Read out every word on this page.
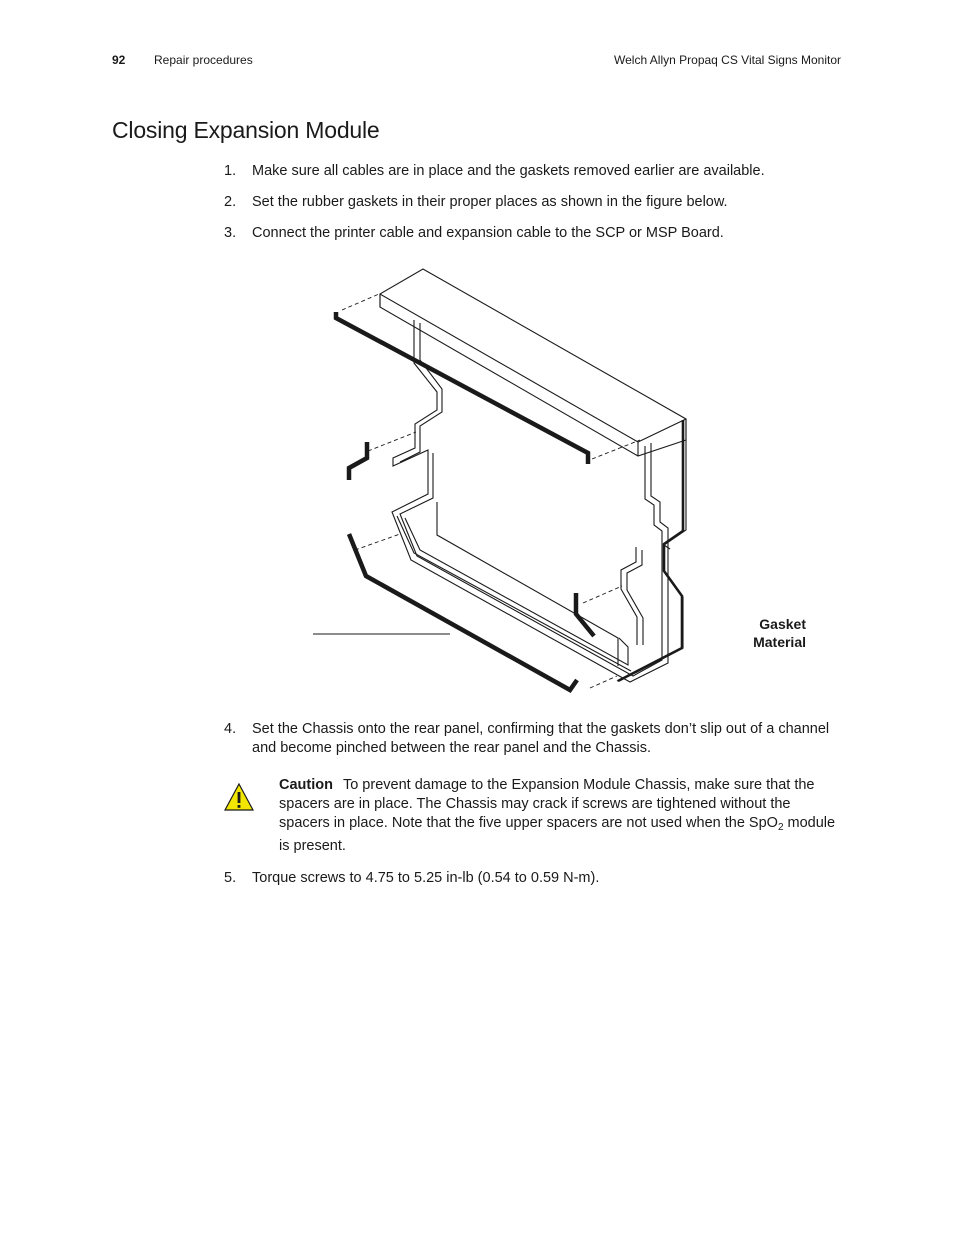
92 Repair procedures	Welch Allyn Propaq CS Vital Signs Monitor
Closing Expansion Module
1. Make sure all cables are in place and the gaskets removed earlier are available.
2. Set the rubber gaskets in their proper places as shown in the figure below.
3. Connect the printer cable and expansion cable to the SCP or MSP Board.
Gasket
Material
4. Set the Chassis onto the rear panel, confirming that the gaskets don’t slip out of a channel and become pinched between the rear panel and the Chassis.
Caution To prevent damage to the Expansion Module Chassis, make sure that the spacers are in place. The Chassis may crack if screws are tightened without the spacers in place. Note that the five upper spacers are not used when the SpO$_2$ module is present.
5. Torque screws to 4.75 to 5.25 in-lb (0.54 to 0.59 N-m).
